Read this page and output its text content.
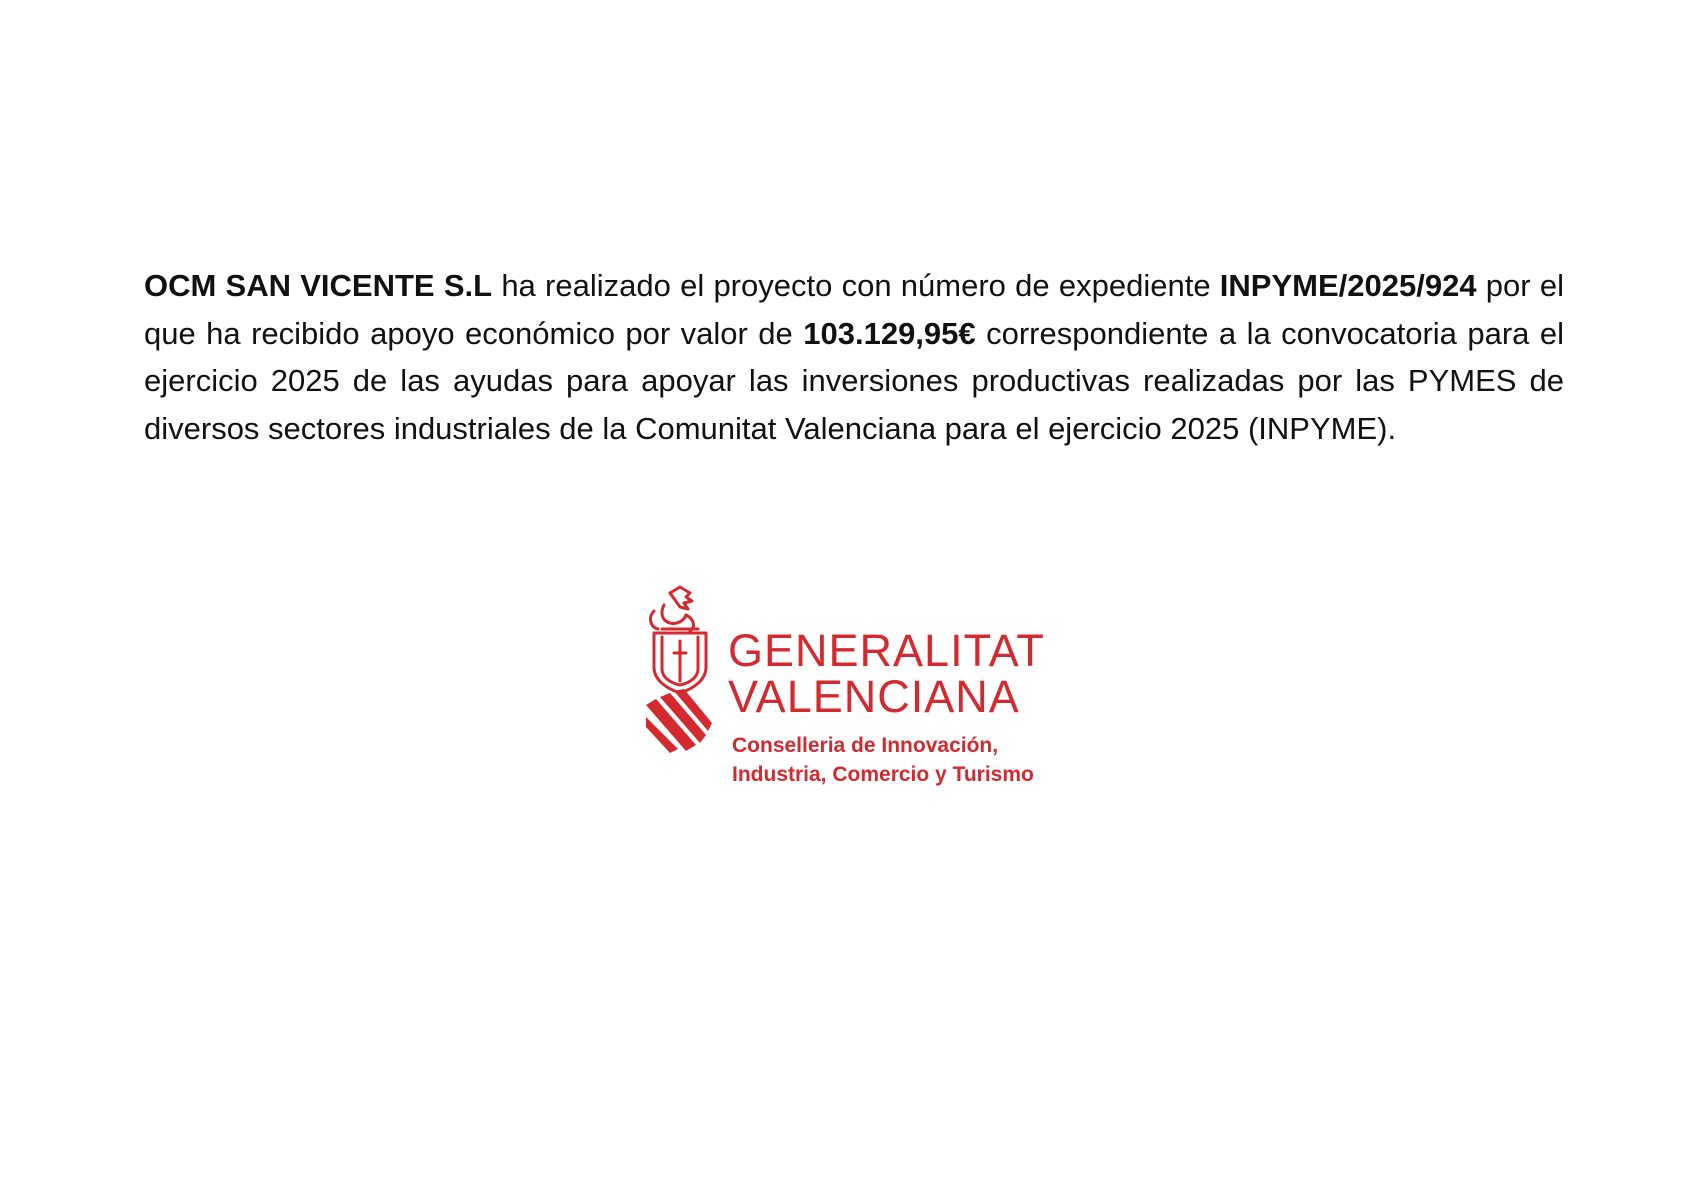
OCM SAN VICENTE S.L ha realizado el proyecto con número de expediente INPYME/2025/924 por el que ha recibido apoyo económico por valor de 103.129,95€ correspondiente a la convocatoria para el ejercicio 2025 de las ayudas para apoyar las inversiones productivas realizadas por las PYMES de diversos sectores industriales de la Comunitat Valenciana para el ejercicio 2025 (INPYME).

GENERALITAT
VALENCIANA
Conselleria de Innovación,
Industria, Comercio y Turismo
